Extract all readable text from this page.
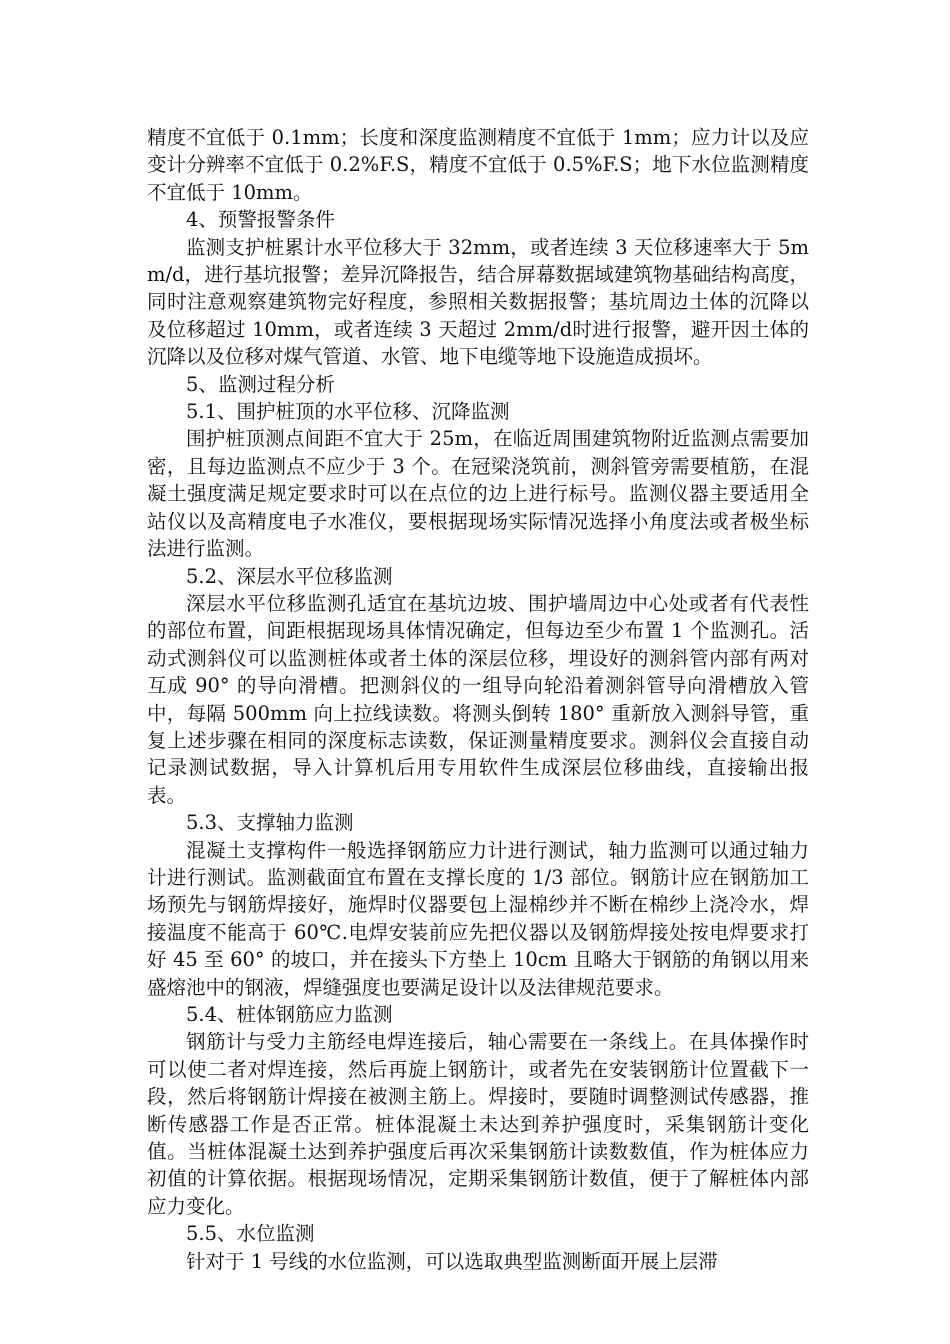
精度不宜低于 0.1mm；长度和深度监测精度不宜低于 1mm；应力计以及应变计分辨率不宜低于 0.2%F.S，精度不宜低于 0.5%F.S；地下水位监测精度不宜低于 10mm。

4、预警报警条件

监测支护桩累计水平位移大于 32mm，或者连续 3 天位移速率大于 5mm/d，进行基坑报警；差异沉降报告，结合屏幕数据域建筑物基础结构高度，同时注意观察建筑物完好程度，参照相关数据报警；基坑周边土体的沉降以及位移超过 10mm，或者连续 3 天超过 2mm/d时进行报警，避开因土体的沉降以及位移对煤气管道、水管、地下电缆等地下设施造成损坏。

5、监测过程分析

5.1、围护桩顶的水平位移、沉降监测

围护桩顶测点间距不宜大于 25m，在临近周围建筑物附近监测点需要加密，且每边监测点不应少于 3 个。在冠梁浇筑前，测斜管旁需要植筋，在混凝土强度满足规定要求时可以在点位的边上进行标号。监测仪器主要适用全站仪以及高精度电子水准仪，要根据现场实际情况选择小角度法或者极坐标法进行监测。

5.2、深层水平位移监测

深层水平位移监测孔适宜在基坑边坡、围护墙周边中心处或者有代表性的部位布置，间距根据现场具体情况确定，但每边至少布置 1 个监测孔。活动式测斜仪可以监测桩体或者土体的深层位移，埋设好的测斜管内部有两对互成 90° 的导向滑槽。把测斜仪的一组导向轮沿着测斜管导向滑槽放入管中，每隔 500mm 向上拉线读数。将测头倒转 180° 重新放入测斜导管，重复上述步骤在相同的深度标志读数，保证测量精度要求。测斜仪会直接自动记录测试数据，导入计算机后用专用软件生成深层位移曲线，直接输出报表。

5.3、支撑轴力监测

混凝土支撑构件一般选择钢筋应力计进行测试，轴力监测可以通过轴力计进行测试。监测截面宜布置在支撑长度的 1/3 部位。钢筋计应在钢筋加工场预先与钢筋焊接好，施焊时仪器要包上湿棉纱并不断在棉纱上浇冷水，焊接温度不能高于 60℃.电焊安装前应先把仪器以及钢筋焊接处按电焊要求打好 45 至 60° 的坡口，并在接头下方垫上 10cm 且略大于钢筋的角钢以用来盛熔池中的钢液，焊缝强度也要满足设计以及法律规范要求。

5.4、桩体钢筋应力监测

钢筋计与受力主筋经电焊连接后，轴心需要在一条线上。在具体操作时可以使二者对焊连接，然后再旋上钢筋计，或者先在安装钢筋计位置截下一段，然后将钢筋计焊接在被测主筋上。焊接时，要随时调整测试传感器，推断传感器工作是否正常。桩体混凝土未达到养护强度时，采集钢筋计变化值。当桩体混凝土达到养护强度后再次采集钢筋计读数数值，作为桩体应力初值的计算依据。根据现场情况，定期采集钢筋计数值，便于了解桩体内部应力变化。

5.5、水位监测

针对于 1 号线的水位监测，可以选取典型监测断面开展上层滞
